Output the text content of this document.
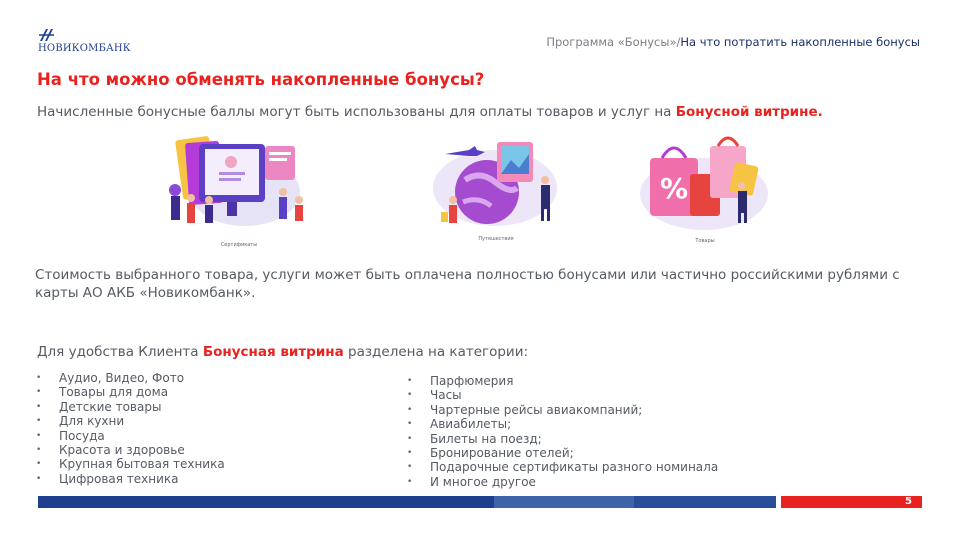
НОВИКОМБАНК	Программа «Бонусы»/На что потратить накопленные бонусы
На что можно обменять накопленные бонусы?
Начисленные бонусные баллы могут быть использованы для оплаты товаров и услуг на Бонусной витрине.
Сертификаты
Путешествия
%
Товары
Стоимость выбранного товара, услуги может быть оплачена полностью бонусами или частично российскими рублями с карты АО АКБ «Новикомбанк».
Для удобства Клиента Бонусная витрина разделена на категории:
• Аудио, Видео, Фото
• Товары для дома
• Детские товары
• Для кухни
• Посуда
• Красота и здоровье
• Крупная бытовая техника
• Цифровая техника
• Парфюмерия
• Часы
• Чартерные рейсы авиакомпаний;
• Авиабилеты;
• Билеты на поезд;
• Бронирование отелей;
• Подарочные сертификаты разного номинала
• И многое другое
5
